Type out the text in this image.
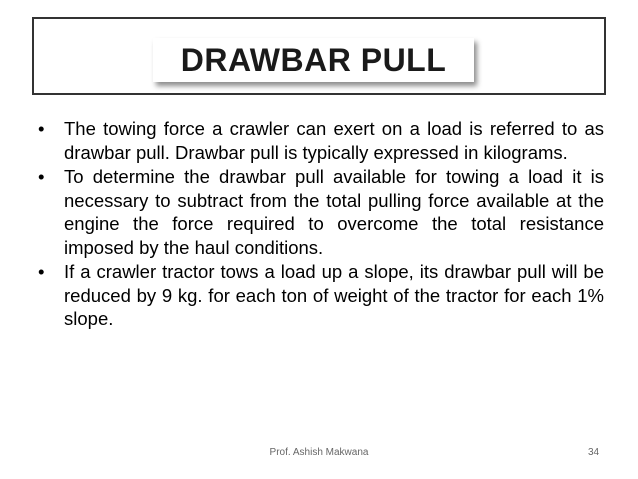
DRAWBAR PULL
• The towing force a crawler can exert on a load is referred to as drawbar pull. Drawbar pull is typically expressed in kilograms.
• To determine the drawbar pull available for towing a load it is necessary to subtract from the total pulling force available at the engine the force required to overcome the total resistance imposed by the haul conditions.
• If a crawler tractor tows a load up a slope, its drawbar pull will be reduced by 9 kg. for each ton of weight of the tractor for each 1% slope.
Prof. Ashish Makwana	34
